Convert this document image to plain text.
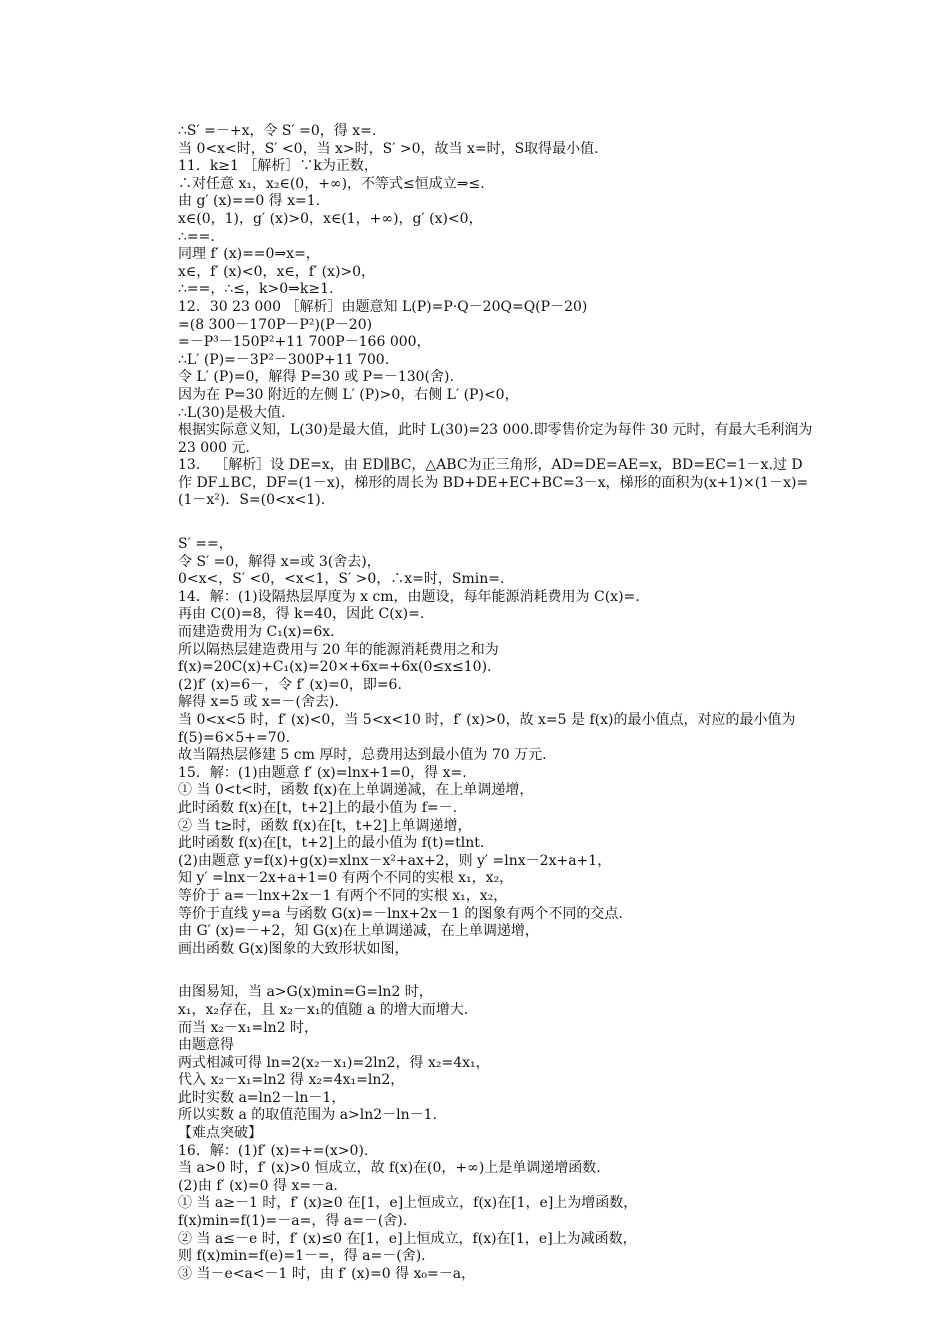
∴S′ =－+x，令 S′ =0，得 x=.
当 0<x<时，S′ <0，当 x>时，S′ >0，故当 x=时，S取得最小值.
11．k≥1 ［解析］∵k为正数，
∴对任意 x₁，x₂∈(0，+∞)，不等式≤恒成立⇒≤.
由 g′ (x)==0 得 x=1.
x∈(0，1)，g′ (x)>0，x∈(1，+∞)，g′ (x)<0，
∴==.
同理 f′ (x)==0⇒x=，
x∈，f′ (x)<0，x∈，f′ (x)>0，
∴==，∴≤，k>0⇒k≥1.
12．30 23 000 ［解析］由题意知 L(P)=P·Q－20Q=Q(P－20)
=(8 300－170P－P²)(P－20)
=－P³－150P²+11 700P－166 000，
∴L′ (P)=－3P²－300P+11 700.
令 L′ (P)=0，解得 P=30 或 P=－130(舍).
因为在 P=30 附近的左侧 L′ (P)>0，右侧 L′ (P)<0，
∴L(30)是极大值.
根据实际意义知，L(30)是最大值，此时 L(30)=23 000.即零售价定为每件 30 元时，有最大毛利润为 23 000 元.
13． ［解析］设 DE=x，由 ED∥BC，△ABC为正三角形，AD=DE=AE=x，BD=EC=1－x.过 D作 DF⊥BC，DF=(1－x)，梯形的周长为 BD+DE+EC+BC=3－x，梯形的面积为(x+1)×(1－x)=(1－x²)．S=(0<x<1).
S′ ==，
令 S′ =0，解得 x=或 3(舍去)，
0<x<，S′ <0，<x<1，S′ >0，∴x=时，Smin=.
14．解：(1)设隔热层厚度为 x cm，由题设，每年能源消耗费用为 C(x)=.
再由 C(0)=8，得 k=40，因此 C(x)=.
而建造费用为 C₁(x)=6x.
所以隔热层建造费用与 20 年的能源消耗费用之和为
f(x)=20C(x)+C₁(x)=20×+6x=+6x(0≤x≤10).
(2)f′ (x)=6－，令 f′ (x)=0，即=6.
解得 x=5 或 x=－(舍去).
当 0<x<5 时，f′ (x)<0，当 5<x<10 时，f′ (x)>0，故 x=5 是 f(x)的最小值点，对应的最小值为 f(5)=6×5+=70.
故当隔热层修建 5 cm 厚时，总费用达到最小值为 70 万元.
15．解：(1)由题意 f′ (x)=lnx+1=0，得 x=.
① 当 0<t<时，函数 f(x)在上单调递减，在上单调递增，
此时函数 f(x)在[t，t+2]上的最小值为 f=－.
② 当 t≥时，函数 f(x)在[t，t+2]上单调递增，
此时函数 f(x)在[t，t+2]上的最小值为 f(t)=tlnt.
(2)由题意 y=f(x)+g(x)=xlnx－x²+ax+2，则 y′ =lnx－2x+a+1，
知 y′ =lnx－2x+a+1=0 有两个不同的实根 x₁，x₂，
等价于 a=－lnx+2x－1 有两个不同的实根 x₁，x₂，
等价于直线 y=a 与函数 G(x)=－lnx+2x－1 的图象有两个不同的交点.
由 G′ (x)=－+2，知 G(x)在上单调递减，在上单调递增，
画出函数 G(x)图象的大致形状如图，
由图易知，当 a>G(x)min=G=ln2 时，
x₁，x₂存在，且 x₂－x₁的值随 a 的增大而增大.
而当 x₂－x₁=ln2 时，
由题意得
两式相减可得 ln=2(x₂－x₁)=2ln2，得 x₂=4x₁，
代入 x₂－x₁=ln2 得 x₂=4x₁=ln2，
此时实数 a=ln2－ln－1，
所以实数 a 的取值范围为 a>ln2－ln－1.
【难点突破】
16．解：(1)f′ (x)=+=(x>0).
当 a>0 时，f′ (x)>0 恒成立，故 f(x)在(0，+∞)上是单调递增函数.
(2)由 f′ (x)=0 得 x=－a.
① 当 a≥－1 时，f′ (x)≥0 在[1，e]上恒成立，f(x)在[1，e]上为增函数，
f(x)min=f(1)=－a=，得 a=－(舍).
② 当 a≤－e 时，f′ (x)≤0 在[1，e]上恒成立，f(x)在[1，e]上为减函数，
则 f(x)min=f(e)=1－=，得 a=－(舍).
③ 当－e<a<－1 时，由 f′ (x)=0 得 x₀=－a，
